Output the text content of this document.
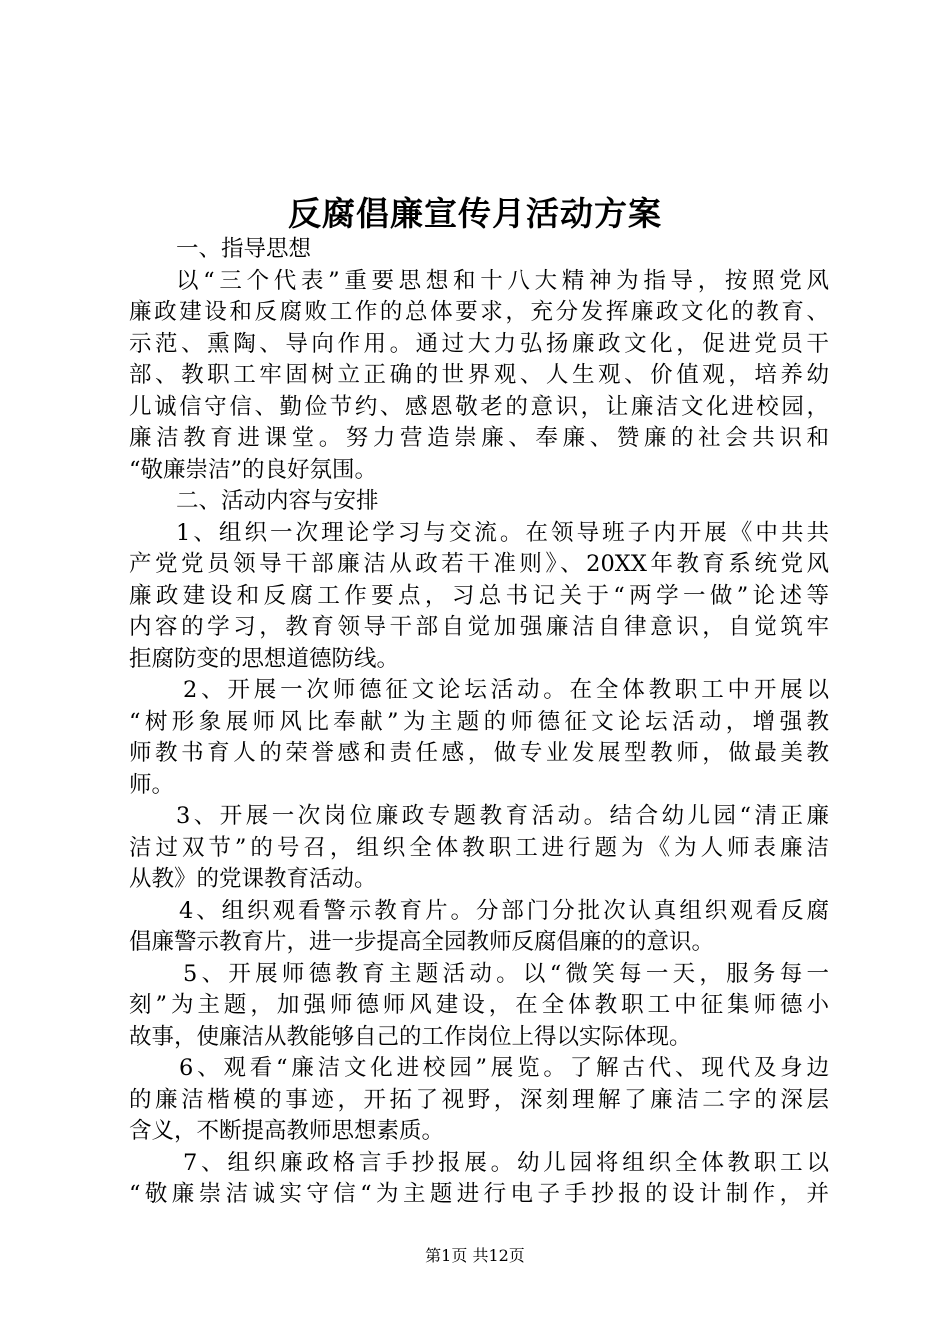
反腐倡廉宣传月活动方案
一、指导思想
以“三个代表”重要思想和十八大精神为指导，按照党风
廉政建设和反腐败工作的总体要求，充分发挥廉政文化的教育、
示范、熏陶、导向作用。通过大力弘扬廉政文化，促进党员干
部、教职工牢固树立正确的世界观、人生观、价值观，培养幼
儿诚信守信、勤俭节约、感恩敬老的意识，让廉洁文化进校园，
廉洁教育进课堂。努力营造崇廉、奉廉、赞廉的社会共识和
“敬廉崇洁”的良好氛围。
二、活动内容与安排
1、组织一次理论学习与交流。在领导班子内开展《中共共
产党党员领导干部廉洁从政若干准则》、20XX年教育系统党风
廉政建设和反腐工作要点，习总书记关于“两学一做”论述等
内容的学习，教育领导干部自觉加强廉洁自律意识，自觉筑牢
拒腐防变的思想道德防线。
2、开展一次师德征文论坛活动。在全体教职工中开展以
“树形象展师风比奉献”为主题的师德征文论坛活动，增强教
师教书育人的荣誉感和责任感，做专业发展型教师，做最美教
师。
3、开展一次岗位廉政专题教育活动。结合幼儿园“清正廉
洁过双节”的号召，组织全体教职工进行题为《为人师表廉洁
从教》的党课教育活动。
4、组织观看警示教育片。分部门分批次认真组织观看反腐
倡廉警示教育片，进一步提高全园教师反腐倡廉的的意识。
5、开展师德教育主题活动。以“微笑每一天，服务每一
刻”为主题，加强师德师风建设，在全体教职工中征集师德小
故事，使廉洁从教能够自己的工作岗位上得以实际体现。
6、观看“廉洁文化进校园”展览。了解古代、现代及身边
的廉洁楷模的事迹，开拓了视野，深刻理解了廉洁二字的深层
含义，不断提高教师思想素质。
7、组织廉政格言手抄报展。幼儿园将组织全体教职工以
“敬廉崇洁诚实守信“为主题进行电子手抄报的设计制作，并
第1页 共12页
